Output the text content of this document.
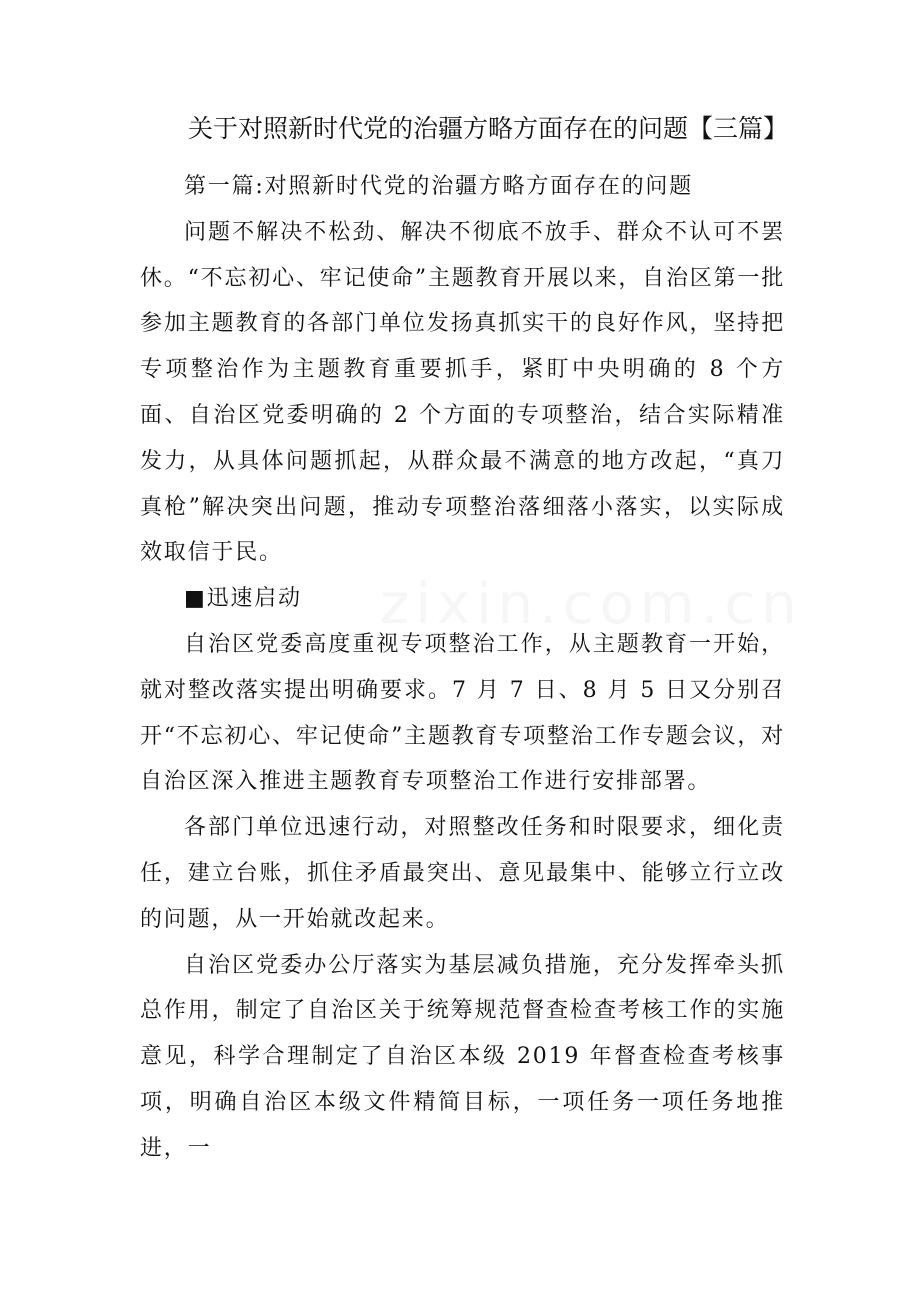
zixin.com.cn
关于对照新时代党的治疆方略方面存在的问题【三篇】

第一篇:对照新时代党的治疆方略方面存在的问题

问题不解决不松劲、解决不彻底不放手、群众不认可不罢休。“不忘初心、牢记使命”主题教育开展以来，自治区第一批参加主题教育的各部门单位发扬真抓实干的良好作风，坚持把专项整治作为主题教育重要抓手，紧盯中央明确的 8 个方面、自治区党委明确的 2 个方面的专项整治，结合实际精准发力，从具体问题抓起，从群众最不满意的地方改起，“真刀真枪”解决突出问题，推动专项整治落细落小落实，以实际成效取信于民。

■迅速启动

自治区党委高度重视专项整治工作，从主题教育一开始，就对整改落实提出明确要求。7 月 7 日、8 月 5 日又分别召开“不忘初心、牢记使命”主题教育专项整治工作专题会议，对自治区深入推进主题教育专项整治工作进行安排部署。

各部门单位迅速行动，对照整改任务和时限要求，细化责任，建立台账，抓住矛盾最突出、意见最集中、能够立行立改的问题，从一开始就改起来。

自治区党委办公厅落实为基层减负措施，充分发挥牵头抓总作用，制定了自治区关于统筹规范督查检查考核工作的实施意见，科学合理制定了自治区本级 2019 年督查检查考核事项，明确自治区本级文件精简目标，一项任务一项任务地推进，一
